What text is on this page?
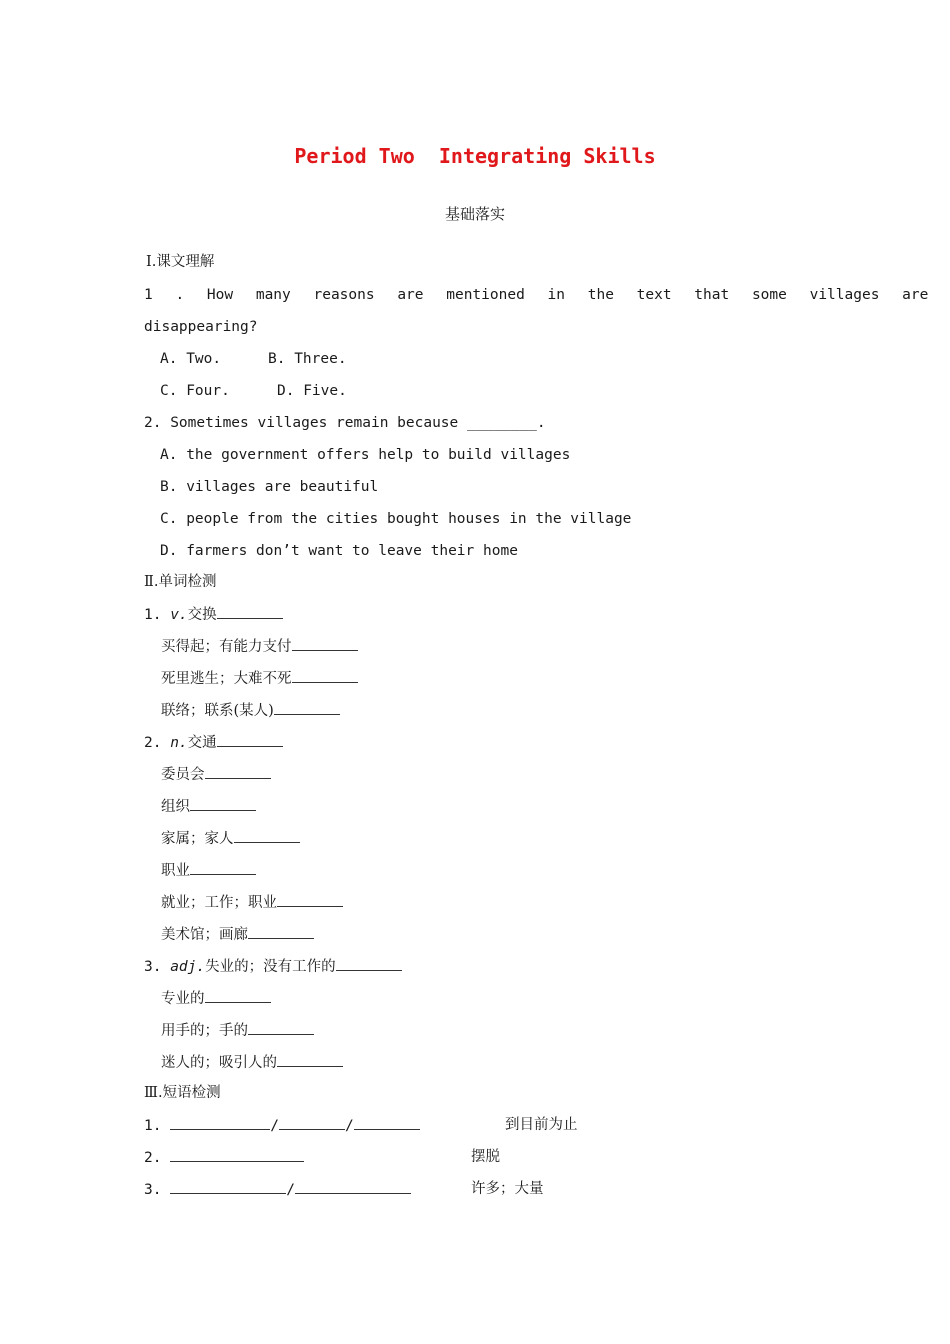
Period Two  Integrating Skills
基础落实
Ⅰ.课文理解
1 . How many reasons are mentioned in the text that some villages are
disappearing?
A. Two.	B. Three.
C. Four.	D. Five.
2. Sometimes villages remain because ________.
A. the government offers help to build villages
B. villages are beautiful
C. people from the cities bought houses in the village
D. farmers don’t want to leave their home
Ⅱ.单词检测
1. v.交换
买得起；有能力支付
死里逃生；大难不死
联络；联系(某人)
2. n.交通
委员会
组织
家属；家人
职业
就业；工作；职业
美术馆；画廊
3. adj.失业的；没有工作的
专业的
用手的；手的
迷人的；吸引人的
Ⅲ.短语检测
1.	/	/	到目前为止
2.	摆脱
3.	/	许多；大量
